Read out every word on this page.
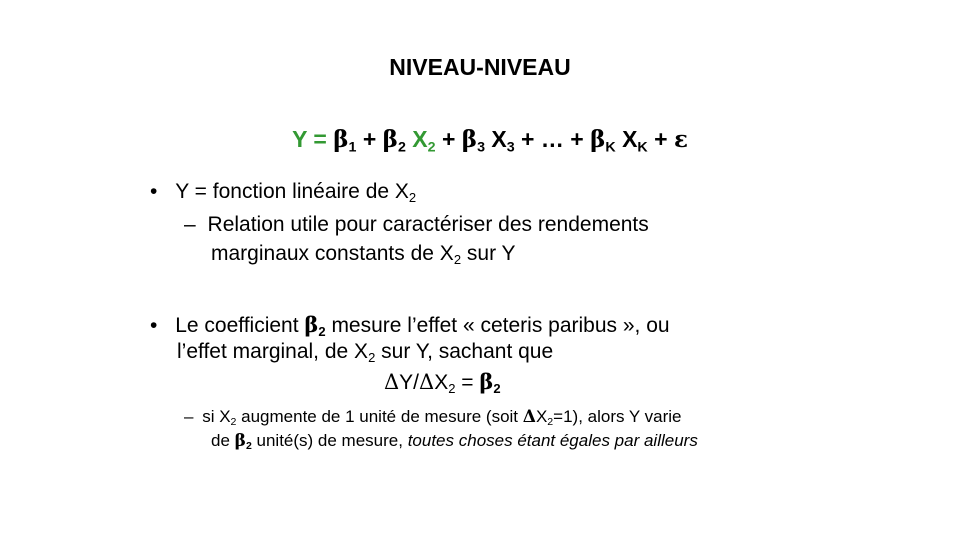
NIVEAU-NIVEAU
$Y = \beta_1 + \beta_2$ $X_2 + \beta_3$ $X_3$ + … + $\beta_K$ $X_K + \varepsilon$
• Y = fonction linéaire de $X_2$
– Relation utile pour caractériser des rendements
marginaux constants de $X_2$ sur Y
• Le coefficient $\beta_2$ mesure l’effet « ceteris paribus », ou
l’effet marginal, de $X_2$ sur Y, sachant que
$\Delta Y/\Delta X_2 = \beta_2$
– si $X_2$ augmente de 1 unité de mesure (soit $\Delta X_2=1$), alors Y varie
de $\beta_2$ unité(s) de mesure, toutes choses étant égales par ailleurs
